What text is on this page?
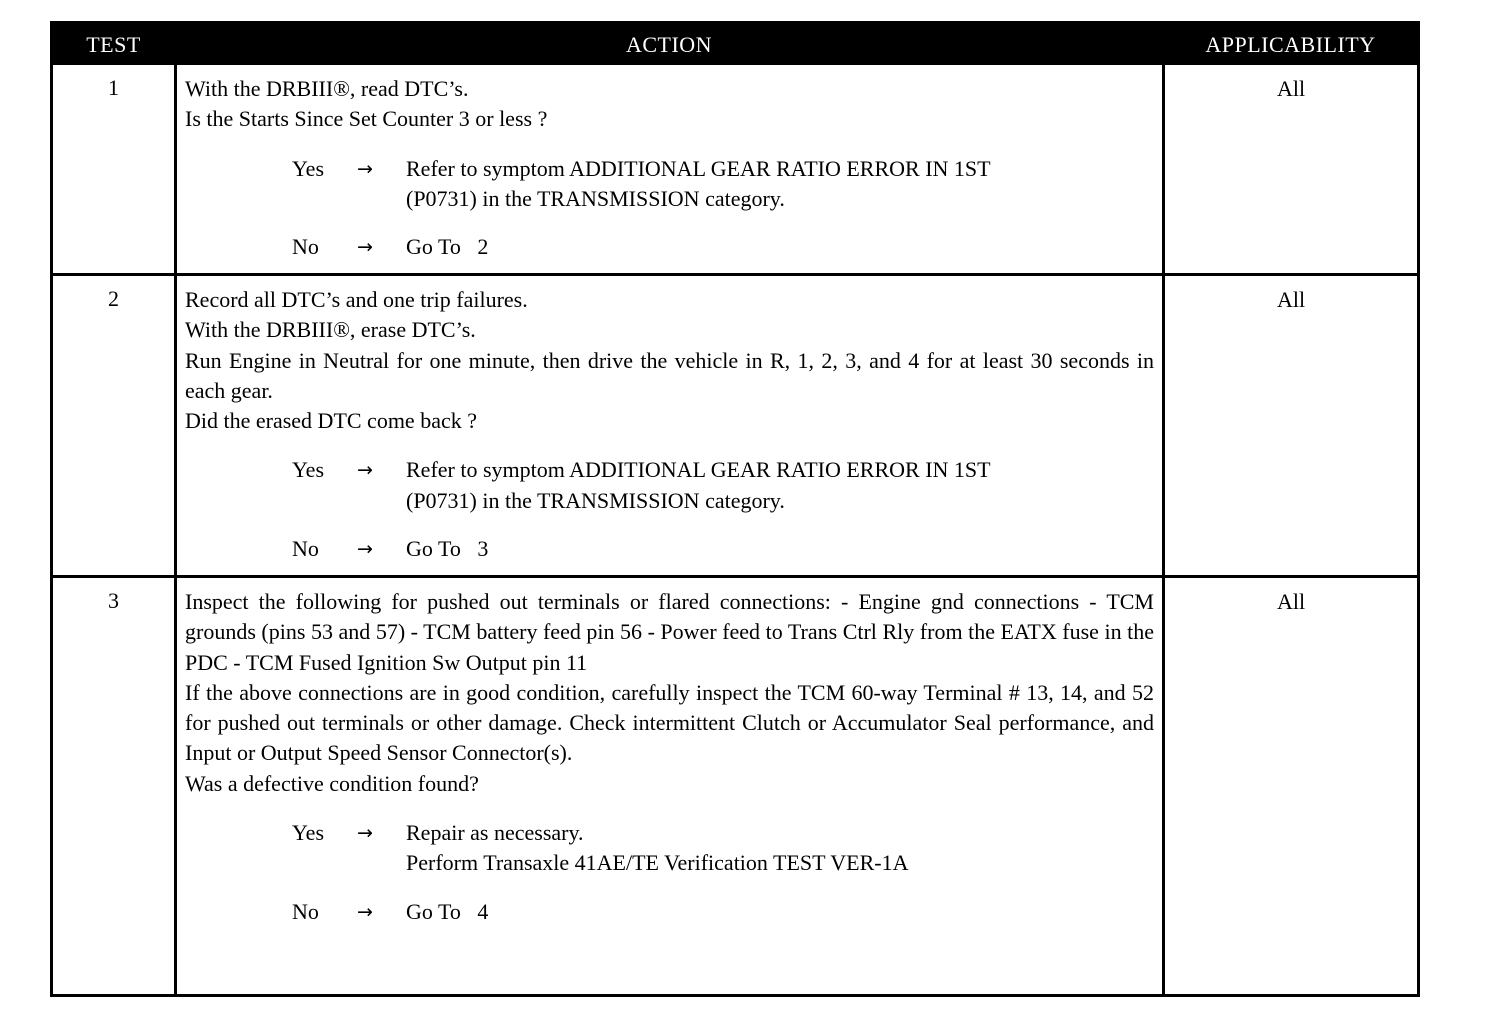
TEST	ACTION	APPLICABILITY
1	With the DRBIII®, read DTC’s.

Is the Starts Since Set Counter 3 or less ?

Yes	→ Refer to symptom ADDITIONAL GEAR RATIO ERROR IN 1ST
(P0731) in the TRANSMISSION category.
No	→ Go To   2
All
2	Record all DTC’s and one trip failures.

With the DRBIII®, erase DTC’s.

Run Engine in Neutral for one minute, then drive the vehicle in R, 1, 2, 3, and 4 for at least 30 seconds in each gear.

Did the erased DTC come back ?

Yes	→ Refer to symptom ADDITIONAL GEAR RATIO ERROR IN 1ST
(P0731) in the TRANSMISSION category.
No	→ Go To   3
All
3	Inspect the following for pushed out terminals or flared connections: - Engine gnd connections - TCM grounds (pins 53 and 57) - TCM battery feed pin 56 - Power feed to Trans Ctrl Rly from the EATX fuse in the PDC - TCM Fused Ignition Sw Output pin 11

If the above connections are in good condition, carefully inspect the TCM 60-way Terminal # 13, 14, and 52 for pushed out terminals or other damage. Check intermittent Clutch or Accumulator Seal performance, and Input or Output Speed Sensor Connector(s).

Was a defective condition found?

Yes	→ Repair as necessary.
Perform Transaxle 41AE/TE Verification TEST VER-1A
No	→ Go To   4
All
